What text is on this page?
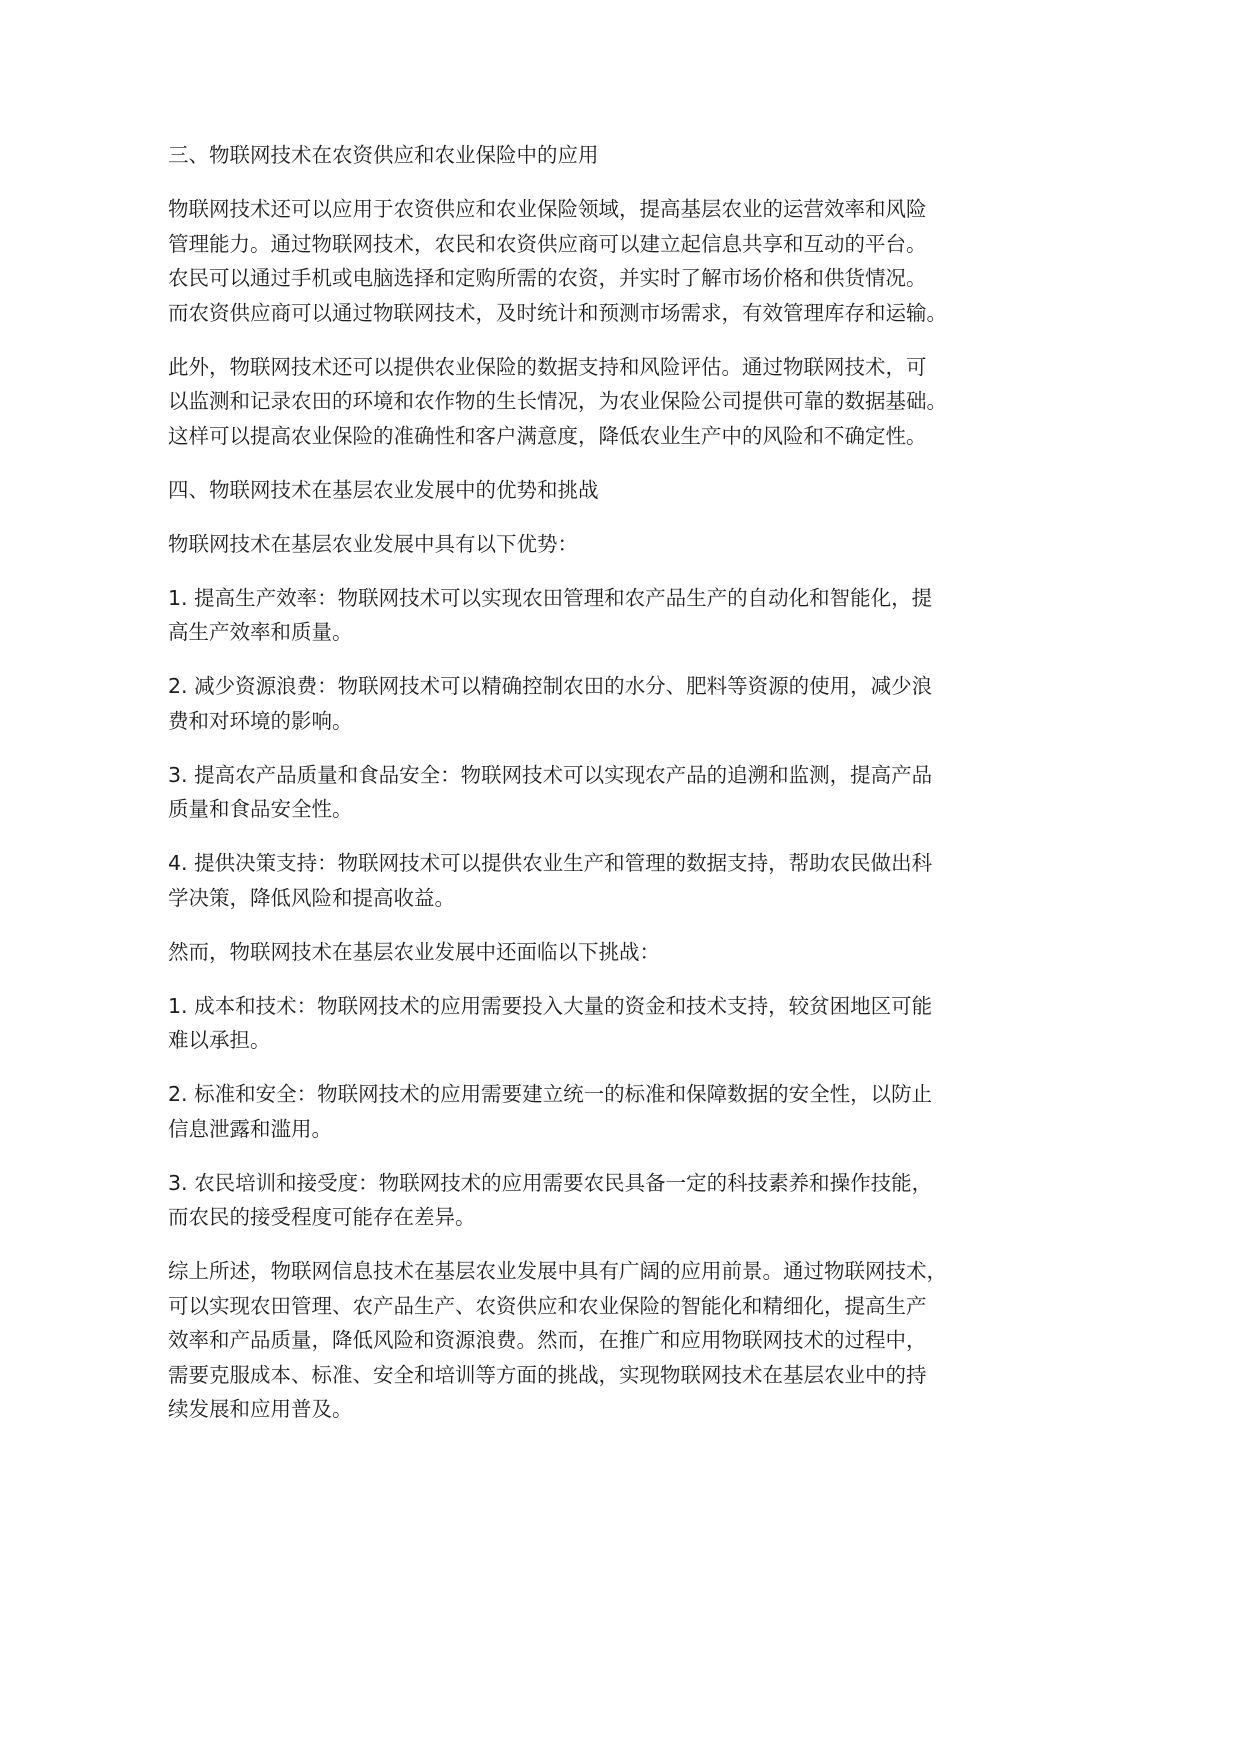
三、物联网技术在农资供应和农业保险中的应用
物联网技术还可以应用于农资供应和农业保险领域，提高基层农业的运营效率和风险
管理能力。通过物联网技术，农民和农资供应商可以建立起信息共享和互动的平台。
农民可以通过手机或电脑选择和定购所需的农资，并实时了解市场价格和供货情况。
而农资供应商可以通过物联网技术，及时统计和预测市场需求，有效管理库存和运输。
此外，物联网技术还可以提供农业保险的数据支持和风险评估。通过物联网技术，可
以监测和记录农田的环境和农作物的生长情况，为农业保险公司提供可靠的数据基础。
这样可以提高农业保险的准确性和客户满意度，降低农业生产中的风险和不确定性。
四、物联网技术在基层农业发展中的优势和挑战
物联网技术在基层农业发展中具有以下优势：
1. 提高生产效率：物联网技术可以实现农田管理和农产品生产的自动化和智能化，提
高生产效率和质量。
2. 减少资源浪费：物联网技术可以精确控制农田的水分、肥料等资源的使用，减少浪
费和对环境的影响。
3. 提高农产品质量和食品安全：物联网技术可以实现农产品的追溯和监测，提高产品
质量和食品安全性。
4. 提供决策支持：物联网技术可以提供农业生产和管理的数据支持，帮助农民做出科
学决策，降低风险和提高收益。
然而，物联网技术在基层农业发展中还面临以下挑战：
1. 成本和技术：物联网技术的应用需要投入大量的资金和技术支持，较贫困地区可能
难以承担。
2. 标准和安全：物联网技术的应用需要建立统一的标准和保障数据的安全性，以防止
信息泄露和滥用。
3. 农民培训和接受度：物联网技术的应用需要农民具备一定的科技素养和操作技能，
而农民的接受程度可能存在差异。
综上所述，物联网信息技术在基层农业发展中具有广阔的应用前景。通过物联网技术，
可以实现农田管理、农产品生产、农资供应和农业保险的智能化和精细化，提高生产
效率和产品质量，降低风险和资源浪费。然而，在推广和应用物联网技术的过程中，
需要克服成本、标准、安全和培训等方面的挑战，实现物联网技术在基层农业中的持
续发展和应用普及。
